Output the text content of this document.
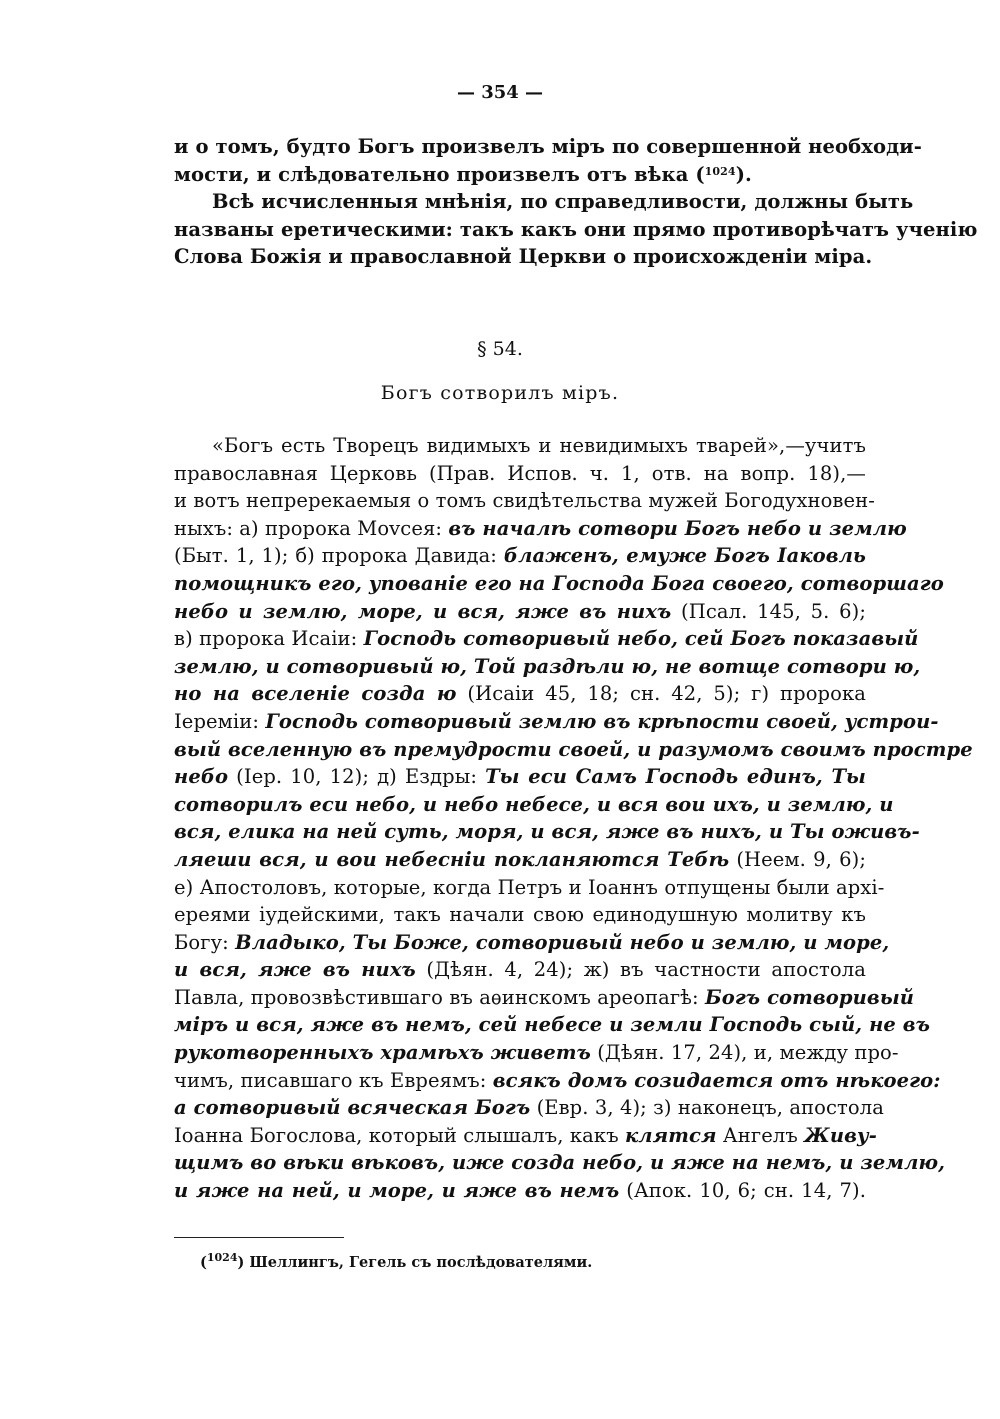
— 354 —
и о томъ, будто Богъ произвелъ міръ по совершенной необходи-
мости, и слѣдовательно произвелъ отъ вѣка ($^{1024}$).
Всѣ исчисленныя мнѣнія, по справедливости, должны быть
названы еретическими: такъ какъ они прямо противорѣчатъ ученію
Слова Божія и православной Церкви о происхожденіи міра.
§ 54.
Богъ сотворилъ міръ.
«Богъ есть Творецъ видимыхъ и невидимыхъ тварей»,—учитъ
православная Церковь (Прав. Испов. ч. 1, отв. на вопр. 18),—
и вотъ непререкаемыя о томъ свидѣтельства мужей Богодухновен-
ныхъ: а) пророка Моvсея: въ началѣ сотвори Богъ небо и землю
(Быт. 1, 1); б) пророка Давида: блаженъ, емуже Богъ Іаковль
помощникъ его, упованіе его на Господа Бога своего, сотворшаго
небо и землю, море, и вся, яже въ нихъ (Псал. 145, 5. 6);
в) пророка Исаіи: Господь сотворивый небо, сей Богъ показавый
землю, и сотворивый ю, Той раздѣли ю, не вотще сотвори ю,
но на вселеніе созда ю (Исаіи 45, 18; сн. 42, 5); г) пророка
Іеремiи: Господь сотворивый землю въ крѣпости своей, устрои-
вый вселенную въ премудрости своей, и разумомъ своимъ простре
небо (Iер. 10, 12); д) Ездры: Ты еси Самъ Господь единъ, Ты
сотворилъ еси небо, и небо небесе, и вся вои ихъ, и землю, и
вся, елика на ней суть, моря, и вся, яже въ нихъ, и Ты оживъ-
ляеши вся, и вои небесніи покланяются Тебѣ (Неем. 9, 6);
е) Апостоловъ, которые, когда Петръ и Іоаннъ отпущены были архі-
ереями іудейскими, такъ начали свою единодушную молитву къ
Богу: Владыко, Ты Боже, сотворивый небо и землю, и море,
и вся, яже въ нихъ (Дѣян. 4, 24); ж) въ частности апостола
Павла, провозвѣстившаго въ аѳинскомъ ареопагѣ: Богъ сотворивый
міръ и вся, яже въ немъ, сей небесе и земли Господь сый, не въ
рукотворенныхъ храмѣхъ живетъ (Дѣян. 17, 24), и, между про-
чимъ, писавшаго къ Евреямъ: всякъ домъ созидается отъ нѣкоего:
а сотворивый всяческая Богъ (Евр. 3, 4); з) наконецъ, апостола
Іоанна Богослова, который слышалъ, какъ клятся Ангелъ Живу-
щимъ во вѣки вѣковъ, иже созда небо, и яже на немъ, и землю,
и яже на ней, и море, и яже въ немъ (Апок. 10, 6; сн. 14, 7).
($^{1024}$) Шеллингъ, Гегель съ послѣдователями.
